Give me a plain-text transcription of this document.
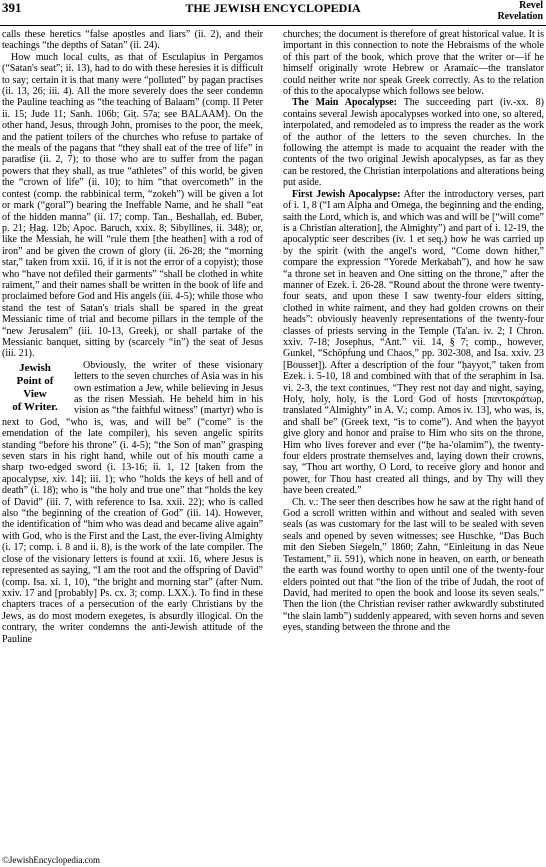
391	THE JEWISH ENCYCLOPEDIA	Revel
Revelation

calls these heretics “false apostles and liars” (ii. 2), and their teachings “the depths of Satan” (ii. 24).

How much local cults, as that of Esculapius in Pergamos (“Satan's seat”; ii. 13), had to do with these heresies it is difficult to say; certain it is that many were “polluted” by pagan practises (ii. 13, 26; iii. 4). All the more severely does the seer condemn the Pauline teaching as “the teaching of Balaam” (comp. II Peter ii. 15; Jude 11; Sanh. 106b; Giṭ. 57a; see BALAAM). On the other hand, Jesus, through John, promises to the poor, the meek, and the patient toilers of the churches who refuse to partake of the meals of the pagans that “they shall eat of the tree of life” in paradise (ii. 2, 7); to those who are to suffer from the pagan powers that they shall, as true “athletes” of this world, be given the “crown of life” (ii. 10); to him “that overcometh” in the contest (comp. the rabbinical term, “zokeh”) will be given a lot or mark (“goral”) bearing the Ineffable Name, and he shall “eat of the hidden manna” (ii. 17; comp. Tan., Beshallaḥ, ed. Buber, p. 21; Ḥag. 12b; Apoc. Baruch, xxix. 8; Sibyllines, ii. 348); or, like the Messiah, he will “rule them [the heathen] with a rod of iron” and be given the crown of glory (ii. 26-28; the “morning star,” taken from xxii. 16, if it is not the error of a copyist); those who “have not defiled their garments” “shall be clothed in white raiment,” and their names shall be written in the book of life and proclaimed before God and His angels (iii. 4-5); while those who stand the test of Satan's trials shall be spared in the great Messianic time of trial and become pillars in the temple of the “new Jerusalem” (iii. 10-13, Greek), or shall partake of the Messianic banquet, sitting by (scarcely “in”) the seat of Jesus (iii. 21).

Jewish
Point of
View
of Writer.

Obviously, the writer of these visionary letters to the seven churches of Asia was in his own estimation a Jew, while believing in Jesus as the risen Messiah. He beheld him in his vision as “the faithful witness” (martyr) who is next to God, “who is, was, and will be” (“come” is the emendation of the late compiler), his seven angelic spirits standing “before his throne” (i. 4-5); “the Son of man” grasping seven stars in his right hand, while out of his mouth came a sharp two-edged sword (i. 13-16; ii. 1, 12 [taken from the apocalypse, xiv. 14]; iii. 1); who “holds the keys of hell and of death” (i. 18); who is “the holy and true one” that “holds the key of David” (iii. 7, with reference to Isa. xxii. 22); who is called also “the beginning of the creation of God” (iii. 14). However, the identification of “him who was dead and became alive again” with God, who is the First and the Last, the ever-living Almighty (i. 17; comp. i. 8 and ii. 8), is the work of the late compiler. The close of the visionary letters is found at xxii. 16, where Jesus is represented as saying, “I am the root and the offspring of David” (comp. Isa. xi. 1, 10), “the bright and morning star” (after Num. xxiv. 17 and [probably] Ps. cx. 3; comp. LXX.). To find in these chapters traces of a persecution of the early Christians by the Jews, as do most modern exegetes, is absurdly illogical. On the contrary, the writer condemns the anti-Jewish attitude of the Pauline

churches; the document is therefore of great historical value. It is important in this connection to note the Hebraisms of the whole of this part of the book, which prove that the writer or—if he himself originally wrote Hebrew or Aramaic—the translator could neither write nor speak Greek correctly. As to the relation of this to the apocalypse which follows see below.

The Main Apocalypse: The succeeding part (iv.-xx. 8) contains several Jewish apocalypses worked into one, so altered, interpolated, and remodeled as to impress the reader as the work of the author of the letters to the seven churches. In the following the attempt is made to acquaint the reader with the contents of the two original Jewish apocalypses, as far as they can be restored, the Christian interpolations and alterations being put aside.

First Jewish Apocalypse: After the introductory verses, part of i. 1, 8 (“I am Alpha and Omega, the beginning and the ending, saith the Lord, which is, and which was and will be [“will come” is a Christian alteration], the Almighty”) and part of i. 12-19, the apocalyptic seer describes (iv. 1 et seq.) how he was carried up by the spirit (with the angel's word, “Come down hither,” compare the expression “Yorede Merkabah”), and how he saw “a throne set in heaven and One sitting on the throne,” after the manner of Ezek. i. 26-28. “Round about the throne were twenty-four seats, and upon these I saw twenty-four elders sitting, clothed in white raiment, and they had golden crowns on their heads”: obviously heavenly representations of the twenty-four classes of priests serving in the Temple (Ta'an. iv. 2; I Chron. xxiv. 7-18; Josephus, “Ant.” vii. 14, § 7; comp., however, Gunkel, “Schöpfung und Chaos,” pp. 302-308, and Isa. xxiv. 23 [Bousset]). After a description of the four “ḥayyot,” taken from Ezek. i. 5-10, 18 and combined with that of the seraphim in Isa. vi. 2-3, the text continues, “They rest not day and night, saying, Holy, holy, holy, is the Lord God of hosts [παντοκράτωρ, translated “Almighty” in A. V.; comp. Amos iv. 13], who was, is, and shall be” (Greek text, “is to come”). And when the ḥayyot give glory and honor and praise to Him who sits on the throne, Him who lives forever and ever (“ḥe ha-'olamim”), the twenty-four elders prostrate themselves and, laying down their crowns, say, “Thou art worthy, O Lord, to receive glory and honor and power, for Thou hast created all things, and by Thy will they have been created.”

Ch. v.: The seer then describes how he saw at the right hand of God a scroll written within and without and sealed with seven seals (as was customary for the last will to be sealed with seven seals and opened by seven witnesses; see Huschke, “Das Buch mit den Sieben Siegeln,” 1860; Zahn, “Einleitung in das Neue Testament,” ii. 591), which none in heaven, on earth, or beneath the earth was found worthy to open until one of the twenty-four elders pointed out that “the lion of the tribe of Judah, the root of David, had merited to open the book and loose its seven seals.” Then the lion (the Christian reviser rather awkwardly substituted “the slain lamb”) suddenly appeared, with seven horns and seven eyes, standing between the throne and the

©JewishEncyclopedia.com
